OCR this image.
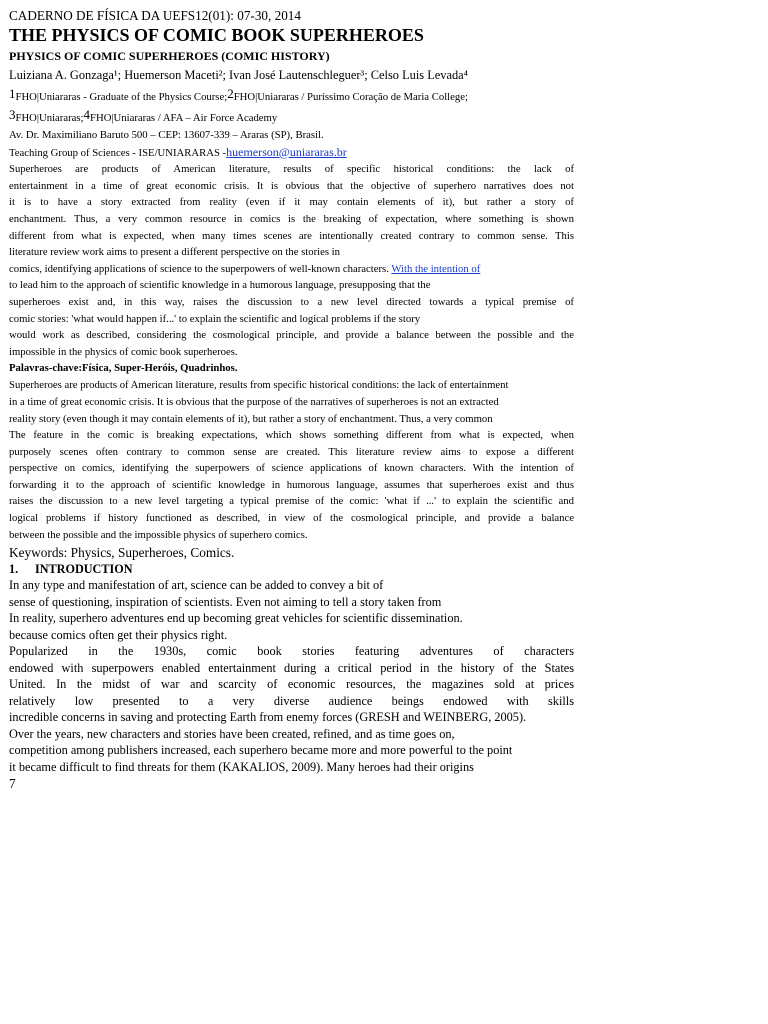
CADERNO DE FÍSICA DA UEFS12(01): 07-30, 2014
THE PHYSICS OF COMIC BOOK SUPERHEROES
PHYSICS OF COMIC SUPERHEROES (COMIC HISTORY)
Luiziana A. Gonzaga¹; Huemerson Maceti²; Ivan José Lautenschleguer³; Celso Luis Levada⁴
1FHO|Uniararas - Graduate of the Physics Course;2FHO|Uniararas / Puríssimo Coração de Maria College;
3FHO|Uniararas;4FHO|Uniararas / AFA – Air Force Academy
Av. Dr. Maximiliano Baruto 500 – CEP: 13607-339 – Araras (SP), Brasil.
Teaching Group of Sciences - ISE/UNIARARAS -huemerson@uniararas.br
Superheroes are products of American literature, results of specific historical conditions: the lack of
entertainment in a time of great economic crisis. It is obvious that the objective of superhero narratives does not
it is to have a story extracted from reality (even if it may contain elements of it), but rather a story of
enchantment. Thus, a very common resource in comics is the breaking of expectation, where something is shown
different from what is expected, when many times scenes are intentionally created contrary to common sense. This
literature review work aims to present a different perspective on the stories in
comics, identifying applications of science to the superpowers of well-known characters. With the intention of
to lead him to the approach of scientific knowledge in a humorous language, presupposing that the
superheroes exist and, in this way, raises the discussion to a new level directed towards a typical premise of
comic stories: 'what would happen if...' to explain the scientific and logical problems if the story
would work as described, considering the cosmological principle, and provide a balance between the possible and the
impossible in the physics of comic book superheroes.
Palavras-chave:Física, Super-Heróis, Quadrinhos.
Superheroes are products of American literature, results from specific historical conditions: the lack of entertainment
in a time of great economic crisis. It is obvious that the purpose of the narratives of superheroes is not an extracted
reality story (even though it may contain elements of it), but rather a story of enchantment. Thus, a very common
The feature in the comic is breaking expectations, which shows something different from what is expected, when
purposely scenes often contrary to common sense are created. This literature review aims to expose a different
perspective on comics, identifying the superpowers of science applications of known characters. With the intention of
forwarding it to the approach of scientific knowledge in humorous language, assumes that superheroes exist and thus
raises the discussion to a new level targeting a typical premise of the comic: 'what if ...' to explain the scientific and
logical problems if history functioned as described, in view of the cosmological principle, and provide a balance
between the possible and the impossible physics of superhero comics.
Keywords: Physics, Superheroes, Comics.
1. INTRODUCTION
In any type and manifestation of art, science can be added to convey a bit of
sense of questioning, inspiration of scientists. Even not aiming to tell a story taken from
In reality, superhero adventures end up becoming great vehicles for scientific dissemination.
because comics often get their physics right.
Popularized in the 1930s, comic book stories featuring adventures of characters
endowed with superpowers enabled entertainment during a critical period in the history of the States
United. In the midst of war and scarcity of economic resources, the magazines sold at prices
relatively low presented to a very diverse audience beings endowed with skills
incredible concerns in saving and protecting Earth from enemy forces (GRESH and WEINBERG, 2005).
Over the years, new characters and stories have been created, refined, and as time goes on,
competition among publishers increased, each superhero became more and more powerful to the point
it became difficult to find threats for them (KAKALIOS, 2009). Many heroes had their origins
7
